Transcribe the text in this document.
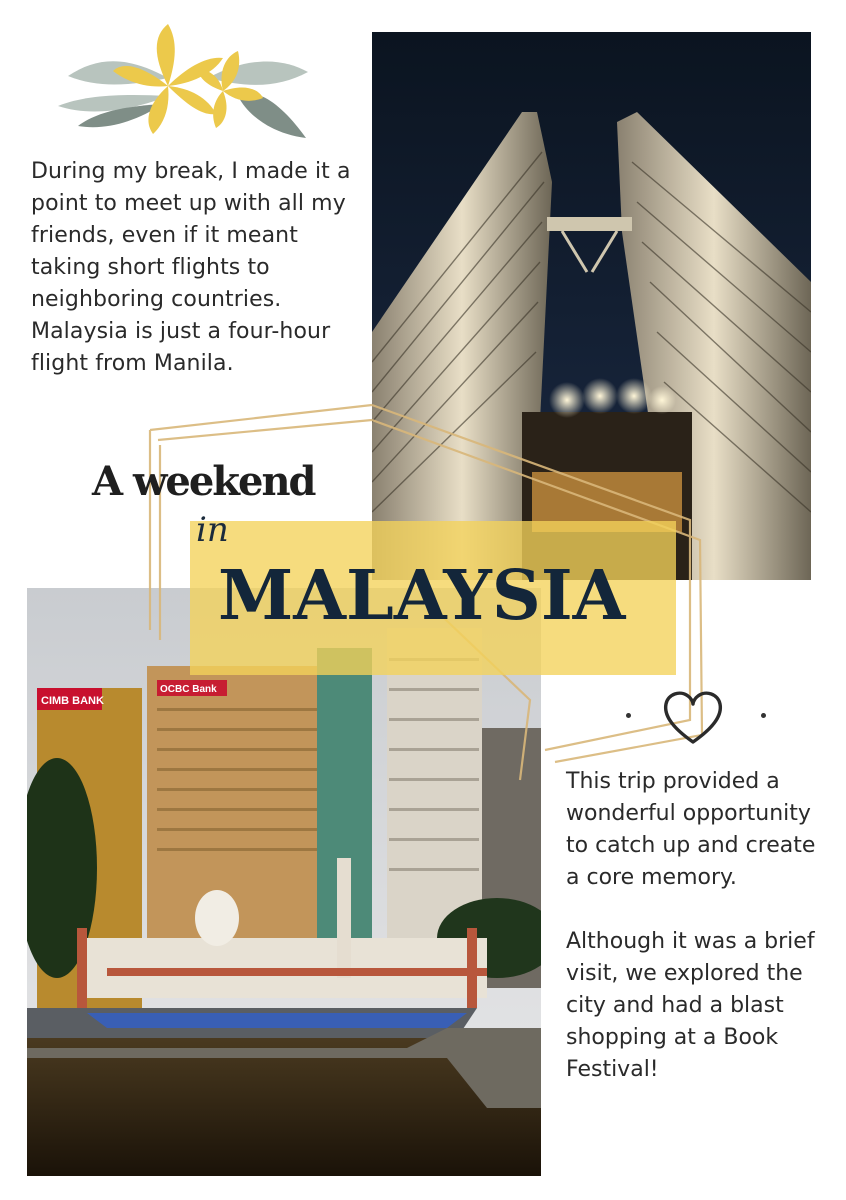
During my break, I made it a point to meet up with all my friends, even if it meant taking short flights to neighboring countries. Malaysia is just a four-hour flight from Manila.
CIMB BANK
OCBC Bank
A weekend
in
MALAYSIA

This trip provided a wonderful opportunity to catch up and create a core memory.

Although it was a brief visit, we explored the city and had a blast shopping at a Book Festival!
